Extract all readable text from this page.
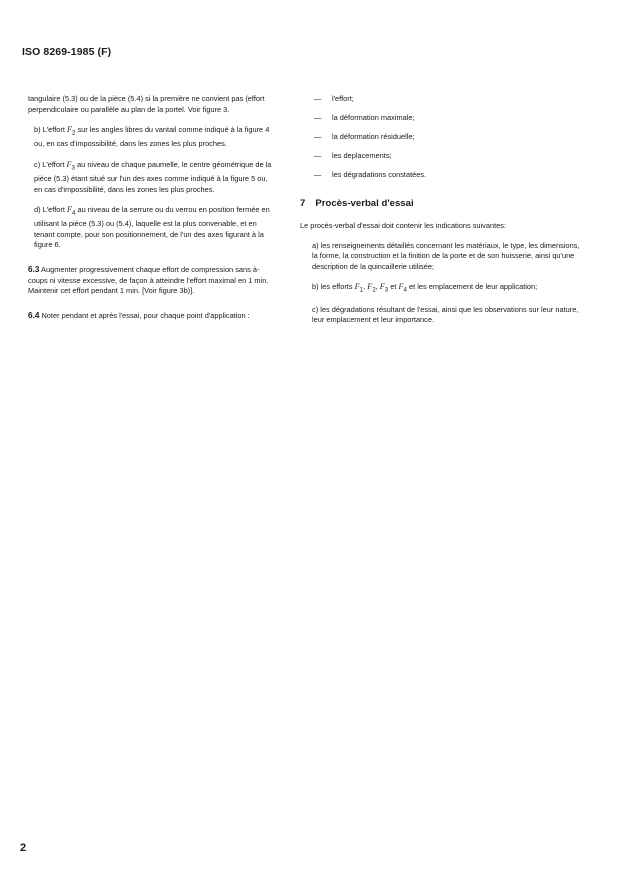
ISO 8269-1985 (F)

tangulaire (5.3) ou de la pièce (5.4) si la première ne convient pas (effort perpendiculaire ou parallèle au plan de la portel. Voir figure 3.

b) L'effort $F_2$ sur les angles libres du vantail comme indiqué à la figure 4 ou, en cas d'impossibilité, dans les zones les plus proches.

c) L'effort $F_3$ au niveau de chaque paumelle, le centre géométrique de la pièce (5.3) étant situé sur l'un des axes comme indiqué à la figure 5 ou, en cas d'impossibilité, dans les zones les plus proches.

d) L'effort $F_4$ au niveau de la serrure ou du verrou en position fermée en utilisant la pièce (5.3) ou (5.4), laquelle est la plus convenable, et en tenant compte, pour son positionnement, de l'un des axes figurant à la figure 6.

6.3 Augmenter progressivement chaque effort de compression sans à-coups ni vitesse excessive, de façon à atteindre l'effort maximal en 1 min. Maintenir cet effort pendant 1 min. [Voir figure 3b)].

6.4 Noter pendant et après l'essai, pour chaque point d'application :

—	l'effort;
—	la déformation maximale;
—	la déformation résiduelle;
—	les deplacements;
—	les dégradations constatées.
7 Procès-verbal d'essai

Le procès-verbal d'essai doit contenir les indications suivantes:

a) les renseignements détaillés concernant les matériaux, le type, les dimensions, la forme, la construction et la finition de la porte et de son huisserie, ainsi qu'une description de la quincaillerie utilisée;

b) les efforts $F_1$, $F_2$, $F_3$ et $F_4$ et les emplacement de leur application;

c) les dégradations résultant de l'essai, ainsi que les observations sur leur nature, leur emplacement et leur importance.

2
